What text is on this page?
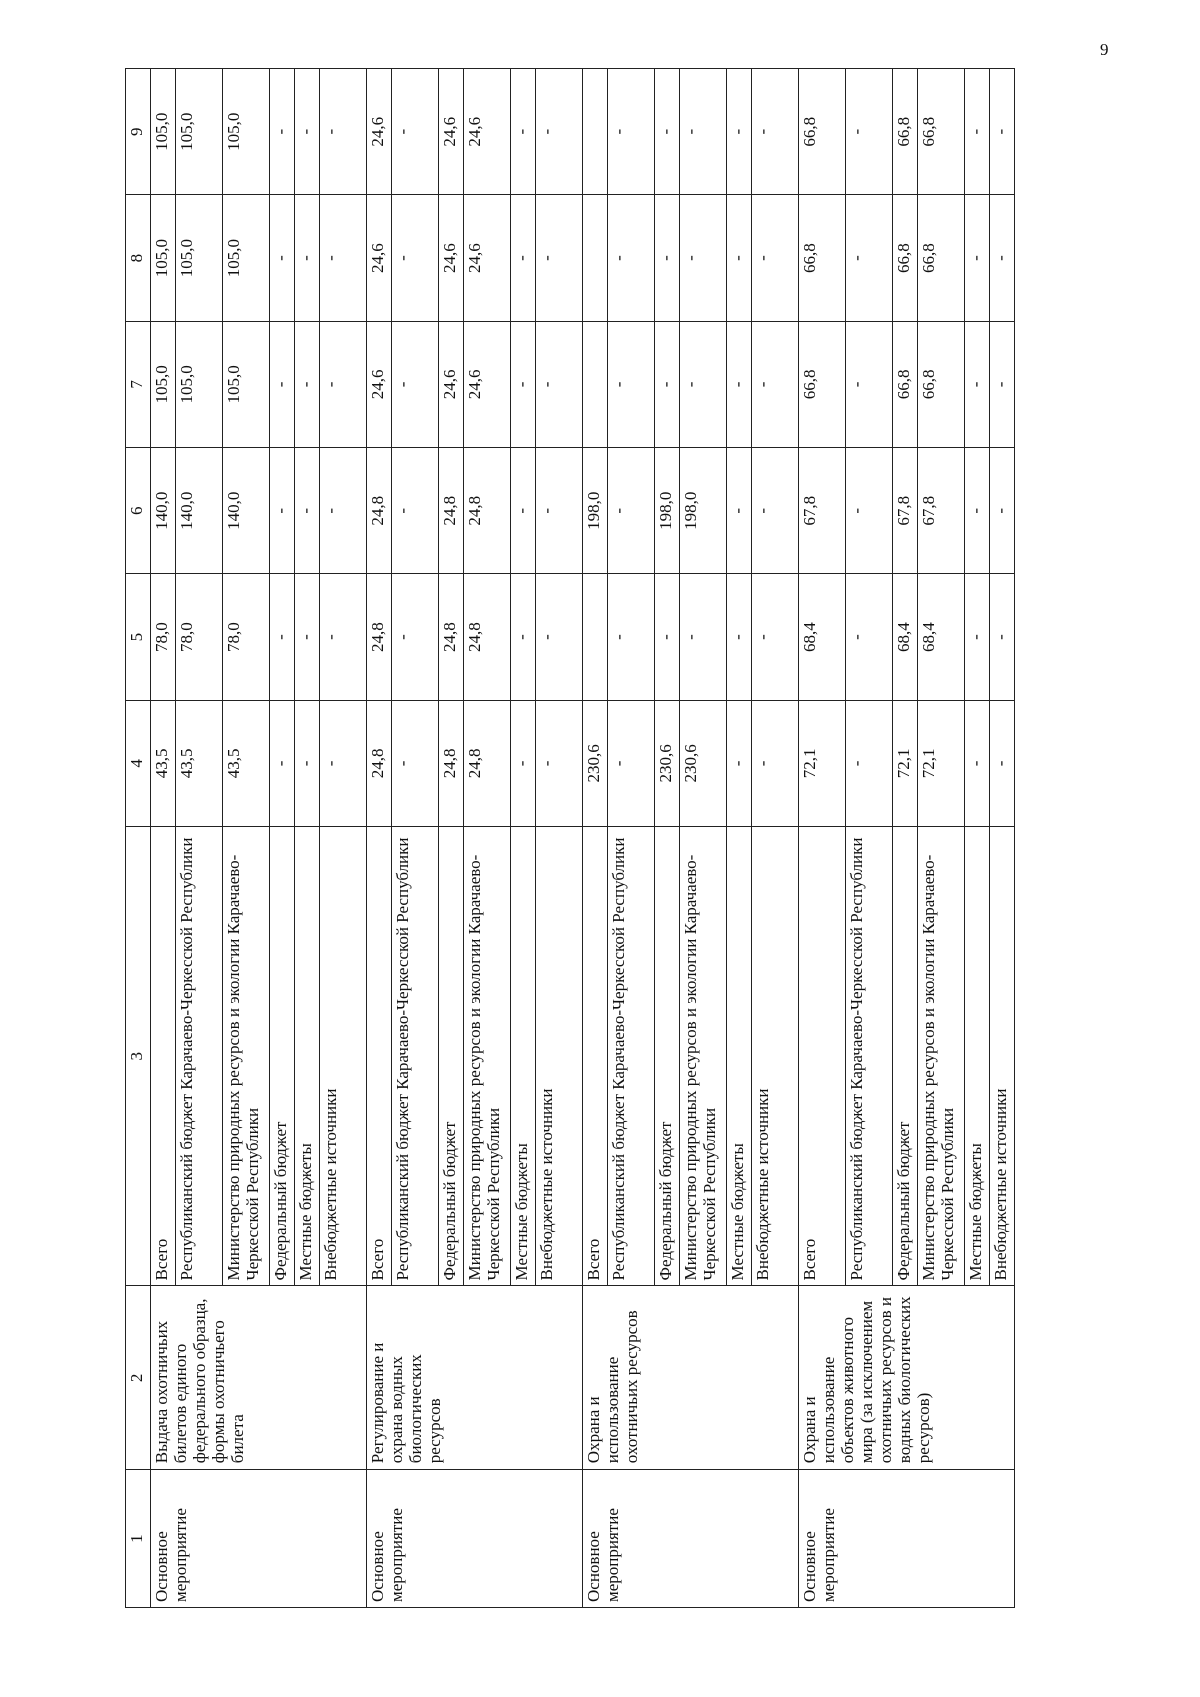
9
1	2	3	4	5	6	7	8	9
Основное мероприятие	Выдача охотничьих билетов единого федерального образца, формы охотничьего билета	Всего	43,5	78,0	140,0	105,0	105,0	105,0
		Республиканский бюджет Карачаево-Черкесской Республики	43,5	78,0	140,0	105,0	105,0	105,0
		Министерство природных ресурсов и экологии Карачаево-Черкесской Республики	43,5	78,0	140,0	105,0	105,0	105,0
		Федеральный бюджет	-	-	-	-	-	-
		Местные бюджеты	-	-	-	-	-	-
		Внебюджетные источники	-	-	-	-	-	-
Основное мероприятие	Регулирование и охрана водных биологических ресурсов	Всего	24,8	24,8	24,8	24,6	24,6	24,6
		Республиканский бюджет Карачаево-Черкесской Республики	-	-	-	-	-	-
		Федеральный бюджет	24,8	24,8	24,8	24,6	24,6	24,6
		Министерство природных ресурсов и экологии Карачаево-Черкесской Республики	24,8	24,8	24,8	24,6	24,6	24,6
		Местные бюджеты	-	-	-	-	-	-
		Внебюджетные источники	-	-	-	-	-	-
Основное мероприятие	Охрана и использование охотничьих ресурсов	Всего	230,6		198,0			
		Республиканский бюджет Карачаево-Черкесской Республики	-	-	-	-	-	-
		Федеральный бюджет	230,6	-	198,0	-	-	-
		Министерство природных ресурсов и экологии Карачаево-Черкесской Республики	230,6	-	198,0	-	-	-
		Местные бюджеты	-	-	-	-	-	-
		Внебюджетные источники	-	-	-	-	-	-
Основное мероприятие	Охрана и использование объектов животного мира (за исключением охотничьих ресурсов и водных биологических ресурсов)	Всего	72,1	68,4	67,8	66,8	66,8	66,8
		Республиканский бюджет Карачаево-Черкесской Республики	-	-	-	-	-	-
		Федеральный бюджет	72,1	68,4	67,8	66,8	66,8	66,8
		Министерство природных ресурсов и экологии Карачаево-Черкесской Республики	72,1	68,4	67,8	66,8	66,8	66,8
		Местные бюджеты	-	-	-	-	-	-
		Внебюджетные источники	-	-	-	-	-	-
